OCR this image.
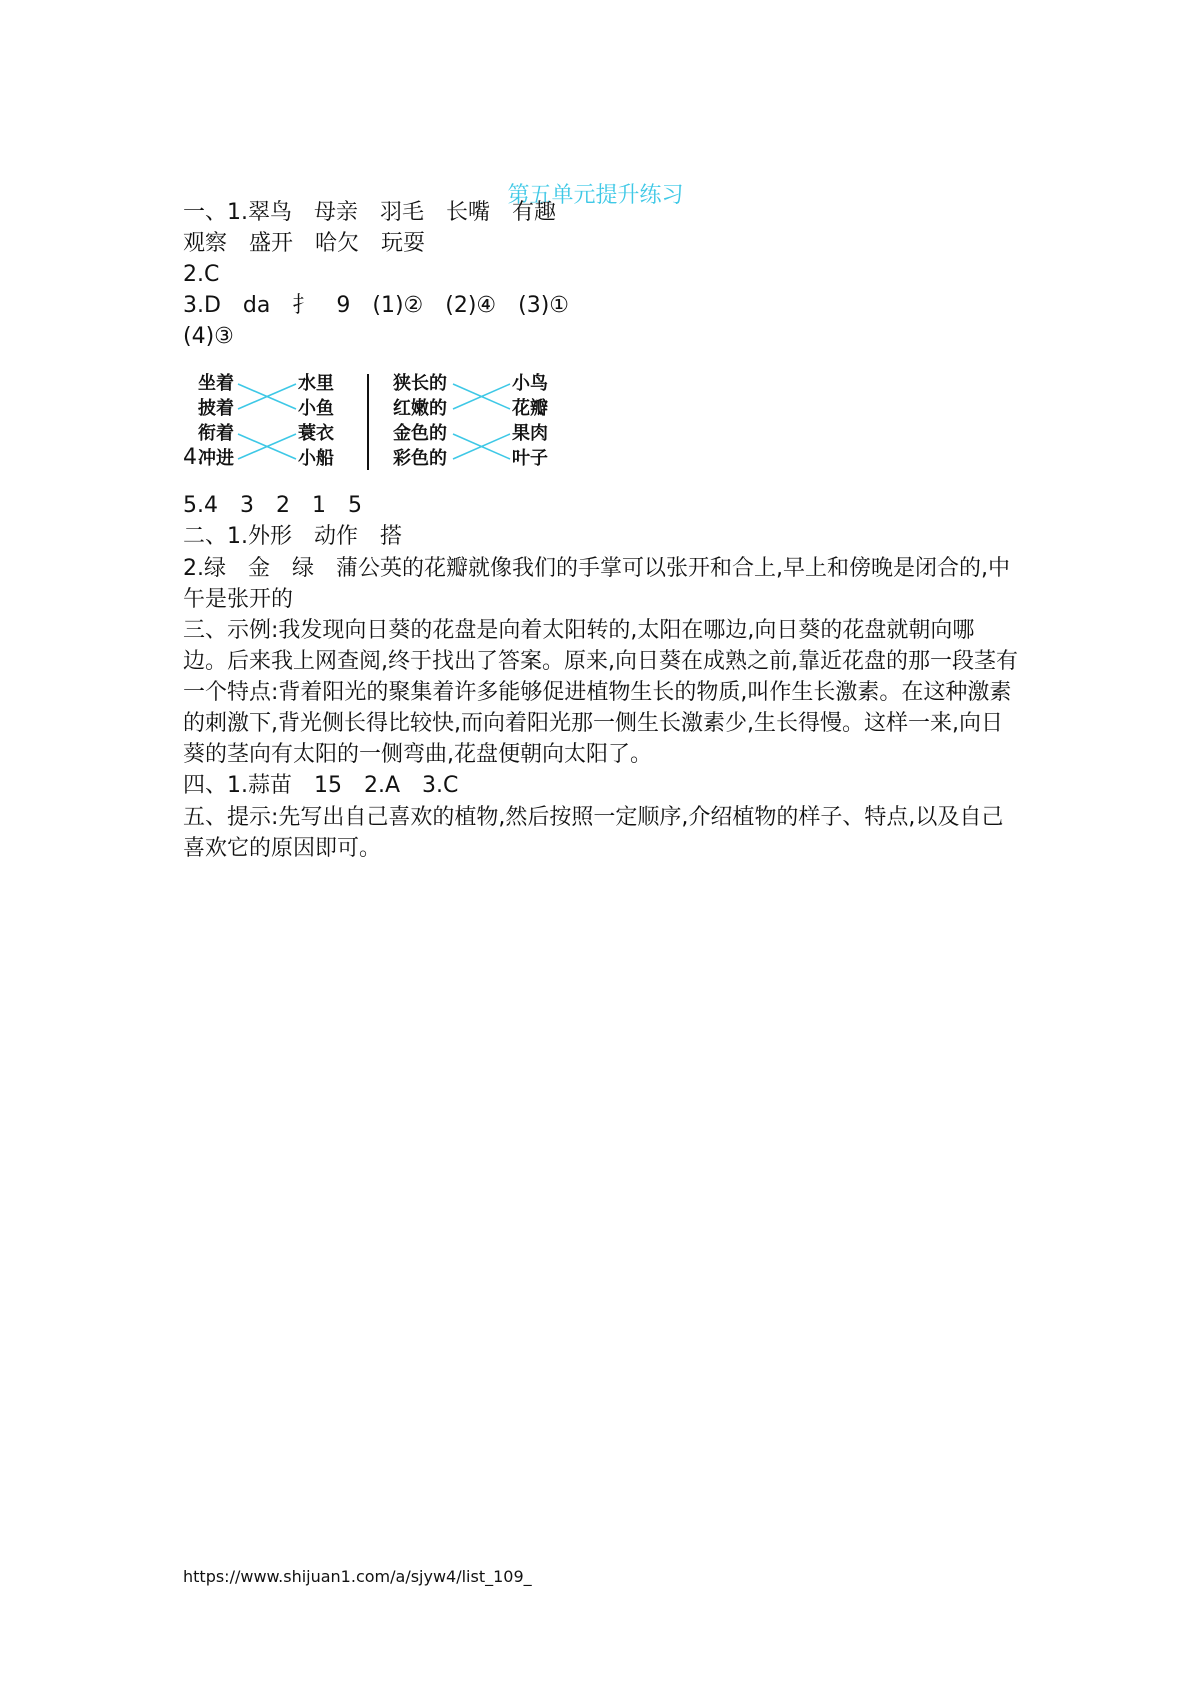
第五单元提升练习
一、1.翠鸟　母亲　羽毛　长嘴　有趣
观察　盛开　哈欠　玩耍
2.C
3.D　da　扌　9　(1)②　(2)④　(3)①
(4)③
4.
坐着
披着
衔着
冲进
水里
小鱼
蓑衣
小船
狭长的
红嫩的
金色的
彩色的
小鸟
花瓣
果肉
叶子
5.4　3　2　1　5
二、1.外形　动作　搭
2.绿　金　绿　蒲公英的花瓣就像我们的手掌可以张开和合上,早上和傍晚是闭合的,中午是张开的
三、示例:我发现向日葵的花盘是向着太阳转的,太阳在哪边,向日葵的花盘就朝向哪边。后来我上网查阅,终于找出了答案。原来,向日葵在成熟之前,靠近花盘的那一段茎有一个特点:背着阳光的聚集着许多能够促进植物生长的物质,叫作生长激素。在这种激素的刺激下,背光侧长得比较快,而向着阳光那一侧生长激素少,生长得慢。这样一来,向日葵的茎向有太阳的一侧弯曲,花盘便朝向太阳了。
四、1.蒜苗　15　2.A　3.C
五、提示:先写出自己喜欢的植物,然后按照一定顺序,介绍植物的样子、特点,以及自己喜欢它的原因即可。
https://www.shijuan1.com/a/sjyw4/list_109_
